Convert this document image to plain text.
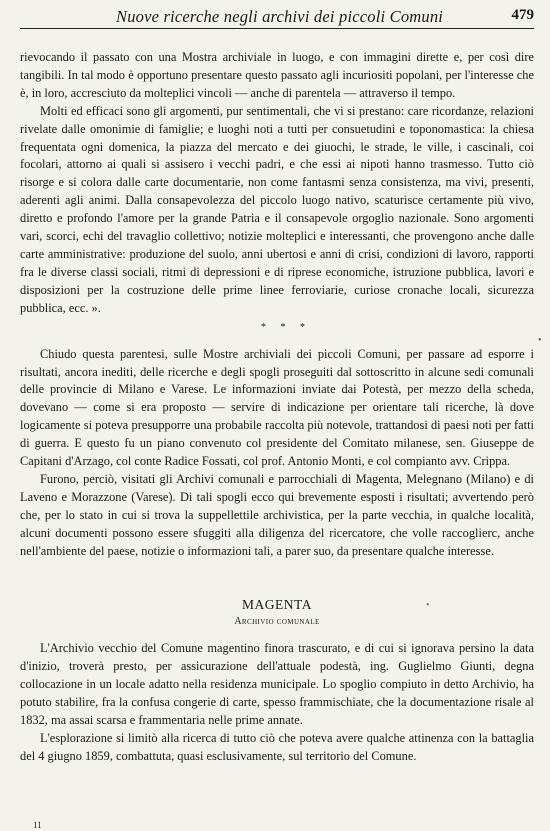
Nuove ricerche negli archivi dei piccoli Comuni	479

rievocando il passato con una Mostra archiviale in luogo, e con immagini dirette e, per così dire tangibili. In tal modo è opportuno presentare questo passato agli incuriositi popolani, per l'interesse che è, in loro, accresciuto da molteplici vincoli — anche di parentela — attraverso il tempo.

Molti ed efficaci sono gli argomenti, pur sentimentali, che vi si prestano: care ricordanze, relazioni rivelate dalle omonimie di famiglie; e luoghi noti a tutti per consuetudini e toponomastica: la chiesa frequentata ogni domenica, la piazza del mercato e dei giuochi, le strade, le ville, i cascinali, coi focolari, attorno ai quali si assisero i vecchi padri, e che essi ai nipoti hanno trasmesso. Tutto ciò risorge e si colora dalle carte documentarie, non come fantasmi senza consistenza, ma vivi, presenti, aderenti agli animi. Dalla consapevolezza del piccolo luogo nativo, scaturisce certamente più vivo, diretto e profondo l'amore per la grande Patria e il consapevole orgoglio nazionale. Sono argomenti vari, scorci, echi del travaglio collettivo; notizie molteplici e interessanti, che provengono anche dalle carte amministrative: produzione del suolo, anni ubertosi e anni di crisi, condizioni di lavoro, rapporti fra le diverse classi sociali, ritmi di depressioni e di riprese economiche, istruzione pubblica, lavori e disposizioni per la costruzione delle prime linee ferroviarie, curiose cronache locali, sicurezza pubblica, ecc. ».

* * *

Chiudo questa parentesi, sulle Mostre archiviali dei piccoli Comuni, per passare ad esporre i risultati, ancora inediti, delle ricerche e degli spogli proseguiti dal sottoscritto in alcune sedi comunali delle provincie di Milano e Varese. Le informazioni inviate dai Potestà, per mezzo della scheda, dovevano — come si era proposto — servire di indicazione per orientare tali ricerche, là dove logicamente si poteva presupporre una probabile raccolta più notevole, trattandosi di paesi noti per fatti di guerra. E questo fu un piano convenuto col presidente del Comitato milanese, sen. Giuseppe de Capitani d'Arzago, col conte Radice Fossati, col prof. Antonio Monti, e col compianto avv. Crippa.

Furono, perciò, visitati gli Archivi comunali e parrocchiali di Magenta, Melegnano (Milano) e di Laveno e Morazzone (Varese). Di tali spogli ecco qui brevemente esposti i risultati; avvertendo però che, per lo stato in cui si trova la suppellettile archivistica, per la parte vecchia, in qualche località, alcuni documenti possono essere sfuggiti alla diligenza del ricercatore, che volle raccoglierc, anche nell'ambiente del paese, notizie o informazioni tali, a parer suo, da presentare qualche interesse.

MAGENTA
Archivio comunale

L'Archivio vecchio del Comune magentino finora trascurato, e di cui si ignorava persino la data d'inizio, troverà presto, per assicurazione dell'attuale podestà, ing. Guglielmo Giunti, degna collocazione in un locale adatto nella residenza municipale. Lo spoglio compiuto in detto Archivio, ha potuto stabilire, fra la confusa congerie di carte, spesso frammischiate, che la documentazione risale al 1832, ma assai scarsa e frammentaria nelle prime annate.

L'esplorazione si limitò alla ricerca di tutto ciò che poteva avere qualche attinenza con la battaglia del 4 giugno 1859, combattuta, quasi esclusivamente, sul territorio del Comune.

•
•
11
